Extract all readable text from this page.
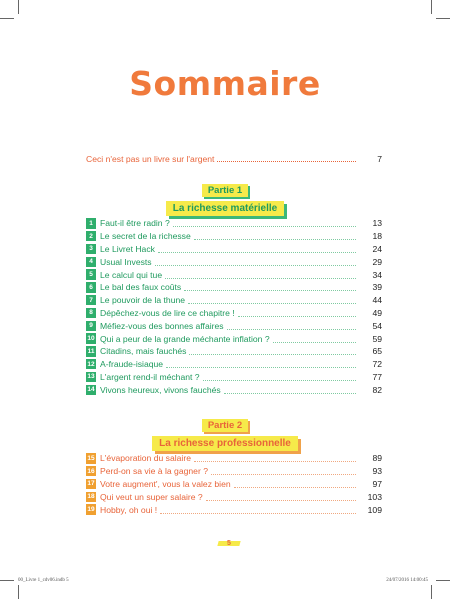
Sommaire
Ceci n'est pas un livre sur l'argent	7
Partie 1
La richesse matérielle
1 Faut-il être radin ?	13
2 Le secret de la richesse	18
3 Le Livret Hack	24
4 Usual Invests	29
5 Le calcul qui tue	34
6 Le bal des faux coûts	39
7 Le pouvoir de la thune	44
8 Dépêchez-vous de lire ce chapitre !	49
9 Méfiez-vous des bonnes affaires	54
10 Qui a peur de la grande méchante inflation ?	59
11 Citadins, mais fauchés	65
12 A-fraude-isiaque	72
13 L'argent rend-il méchant ?	77
14 Vivons heureux, vivons fauchés	82
Partie 2
La richesse professionnelle
15 L'évaporation du salaire	89
16 Perd-on sa vie à la gagner ?	93
17 Votre augment', vous la valez bien	97
18 Qui veut un super salaire ?	103
19 Hobby, oh oui !	109
5
00_Livre 1_cdv06.indb 5	24/07/2016 14:00:45
